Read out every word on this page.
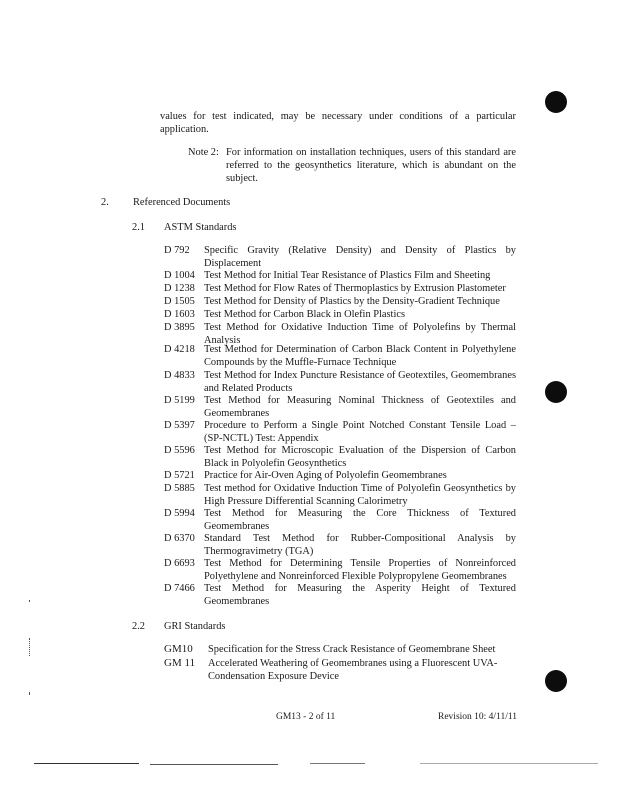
values for test indicated, may be necessary under conditions of a particular application.
Note 2: For information on installation techniques, users of this standard are referred to the geosynthetics literature, which is abundant on the subject.
2. Referenced Documents
2.1 ASTM Standards
D 792	Specific Gravity (Relative Density) and Density of Plastics by Displacement
D 1004 Test Method for Initial Tear Resistance of Plastics Film and Sheeting
D 1238 Test Method for Flow Rates of Thermoplastics by Extrusion Plastometer
D 1505 Test Method for Density of Plastics by the Density-Gradient Technique
D 1603 Test Method for Carbon Black in Olefin Plastics
D 3895 Test Method for Oxidative Induction Time of Polyolefins by Thermal Analysis
D 4218 Test Method for Determination of Carbon Black Content in Polyethylene Compounds by the Muffle-Furnace Technique
D 4833 Test Method for Index Puncture Resistance of Geotextiles, Geomembranes and Related Products
D 5199 Test Method for Measuring Nominal Thickness of Geotextiles and Geomembranes
D 5397 Procedure to Perform a Single Point Notched Constant Tensile Load – (SP-NCTL) Test: Appendix
D 5596 Test Method for Microscopic Evaluation of the Dispersion of Carbon Black in Polyolefin Geosynthetics
D 5721 Practice for Air-Oven Aging of Polyolefin Geomembranes
D 5885 Test method for Oxidative Induction Time of Polyolefin Geosynthetics by High Pressure Differential Scanning Calorimetry
D 5994 Test Method for Measuring the Core Thickness of Textured Geomembranes
D 6370 Standard Test Method for Rubber-Compositional Analysis by Thermogravimetry (TGA)
D 6693 Test Method for Determining Tensile Properties of Nonreinforced Polyethylene and Nonreinforced Flexible Polypropylene Geomembranes
D 7466 Test Method for Measuring the Asperity Height of Textured Geomembranes
2.2 GRI Standards
GM10	Specification for the Stress Crack Resistance of Geomembrane Sheet
GM 11	Accelerated Weathering of Geomembranes using a Fluorescent UVA-Condensation Exposure Device
GM13 - 2 of 11	Revision 10: 4/11/11
